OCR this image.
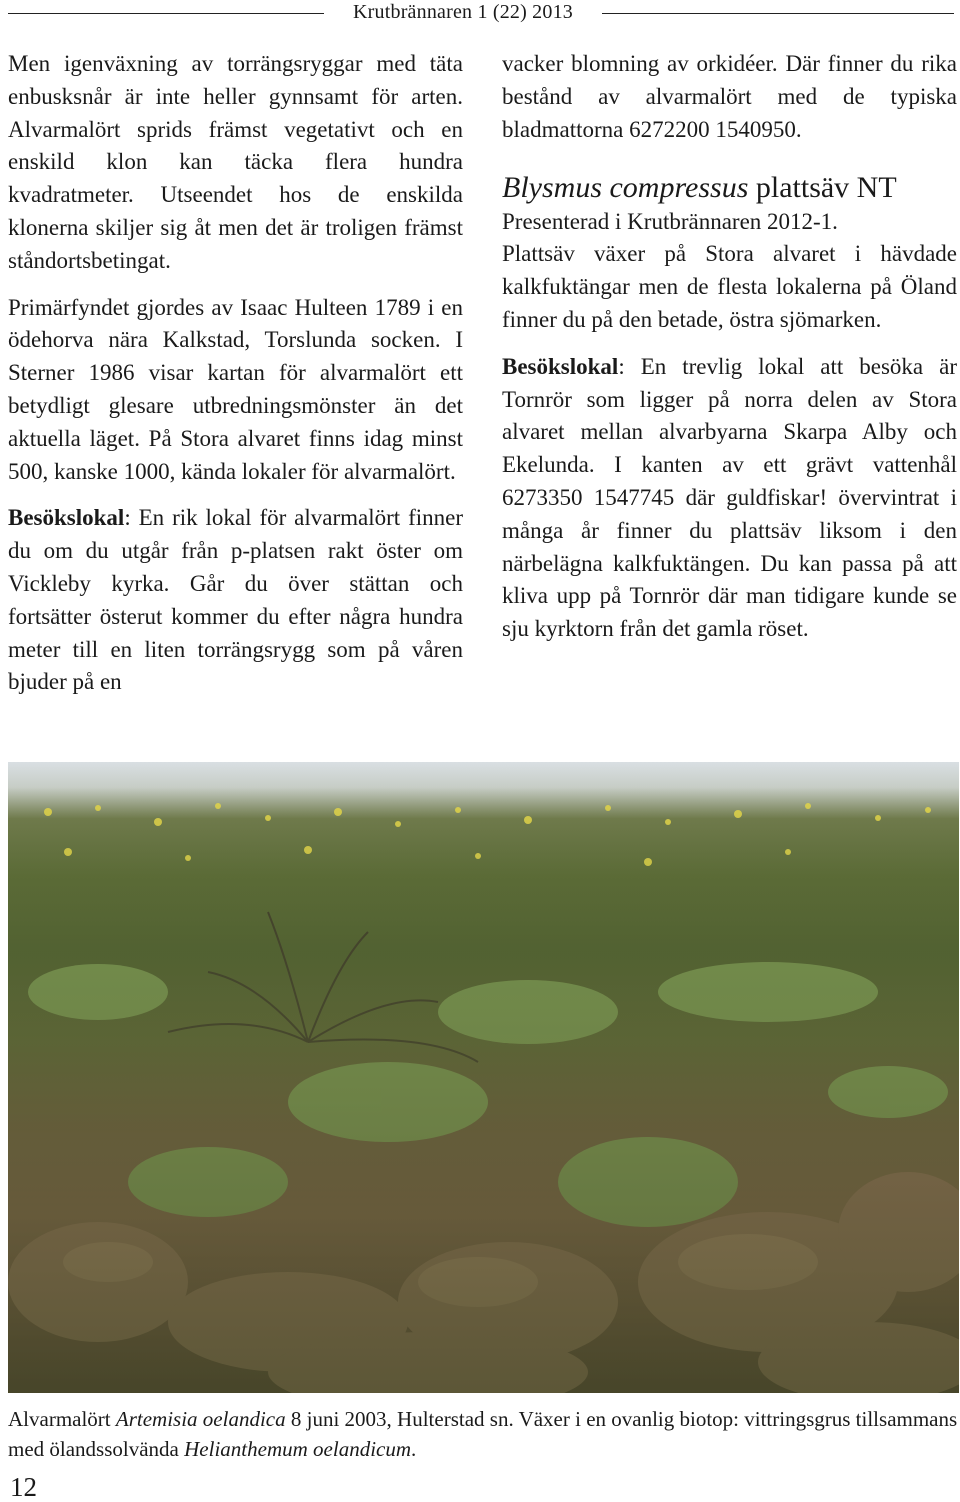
Krutbrännaren 1 (22) 2013

Men igenväxning av torrängsryggar med täta enbusksnår är inte heller gynnsamt för arten. Alvarmalört sprids främst vegetativt och en enskild klon kan täcka flera hundra kvadratmeter. Utseendet hos de enskilda klonerna skiljer sig åt men det är troligen främst ståndortsbetingat.

Primärfyndet gjordes av Isaac Hulteen 1789 i en ödehorva nära Kalkstad, Torslunda socken. I Sterner 1986 visar kartan för alvarmalört ett betydligt glesare utbredningsmönster än det aktuella läget. På Stora alvaret finns idag minst 500, kanske 1000, kända lokaler för alvarmalört.

Besökslokal: En rik lokal för alvarmalört finner du om du utgår från p-platsen rakt öster om Vickleby kyrka. Går du över stättan och fortsätter österut kommer du efter några hundra meter till en liten torrängsrygg som på våren bjuder på en

vacker blomning av orkidéer. Där finner du rika bestånd av alvarmalört med de typiska bladmattorna 6272200 1540950.

Blysmus compressus plattsäv NT

Presenterad i Krutbrännaren 2012-1.

Plattsäv växer på Stora alvaret i hävdade kalkfuktängar men de flesta lokalerna på Öland finner du på den betade, östra sjömarken.

Besökslokal: En trevlig lokal att besöka är Tornrör som ligger på norra delen av Stora alvaret mellan alvarbyarna Skarpa Alby och Ekelunda. I kanten av ett grävt vattenhål 6273350 1547745 där guldfiskar! övervintrat i många år finner du plattsäv liksom i den närbelägna kalkfuktängen. Du kan passa på att kliva upp på Tornrör där man tidigare kunde se sju kyrktorn från det gamla röset.

Alvarmalört Artemisia oelandica 8 juni 2003, Hulterstad sn. Växer i en ovanlig biotop: vittringsgrus tillsammans med ölandssolvända Helianthemum oelandicum.
12
